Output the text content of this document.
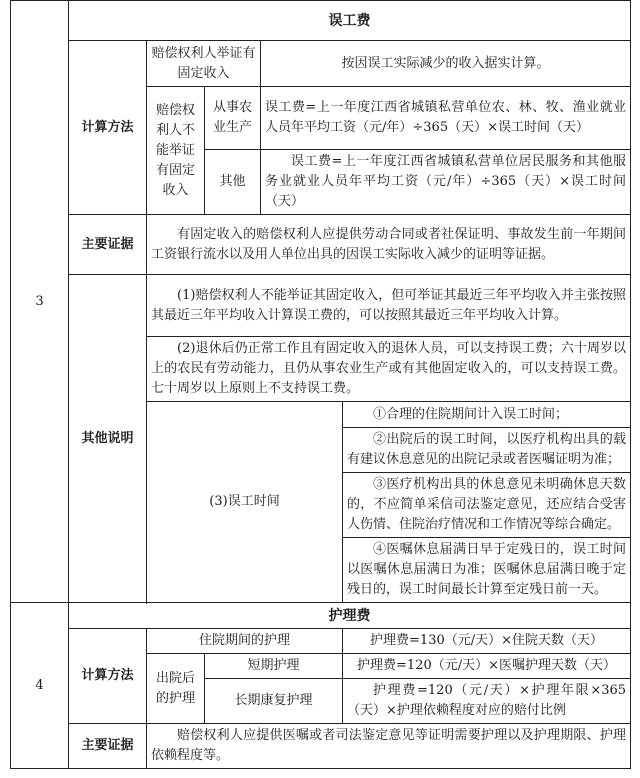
3	误工费				
	计算方法	赔偿权利人举证有固定收入		按因误工实际减少的收入据实计算。	
		赔偿权利人不能举证有固定收入	从事农业生产	误工费=上一年度江西省城镇私营单位农、林、牧、渔业就业人员年平均工资（元/年）÷365（天）×误工时间（天）	
			其他	误工费=上一年度江西省城镇私营单位居民服务和其他服务业就业人员年平均工资（元/年）÷365（天）×误工时间（天）	
	主要证据	有固定收入的赔偿权利人应提供劳动合同或者社保证明、事故发生前一年期间工资银行流水以及用人单位出具的因误工实际收入减少的证明等证据。			
	其他说明	(1)赔偿权利人不能举证其固定收入，但可举证其最近三年平均收入并主张按照其最近三年平均收入计算误工费的，可以按照其最近三年平均收入计算。			
		(2)退休后仍正常工作且有固定收入的退休人员，可以支持误工费；六十周岁以上的农民有劳动能力，且仍从事农业生产或有其他固定收入的，可以支持误工费。七十周岁以上原则上不支持误工费。			
		(3)误工时间			①合理的住院期间计入误工时间；
					②出院后的误工时间，以医疗机构出具的载有建议休息意见的出院记录或者医嘱证明为准；
					③医疗机构出具的休息意见未明确休息天数的，不应简单采信司法鉴定意见，还应结合受害人伤情、住院治疗情况和工作情况等综合确定。
					④医嘱休息届满日早于定残日的，误工时间以医嘱休息届满日为准；医嘱休息届满日晚于定残日的，误工时间最长计算至定残日前一天。

4	护理费				
	计算方法	住院期间的护理			护理费=130（元/天）×住院天数（天）
		出院后的护理	短期护理		护理费=120（元/天）×医嘱护理天数（天）
			长期康复护理		护理费=120（元/天）×护理年限×365（天）×护理依赖程度对应的赔付比例
	主要证据	赔偿权利人应提供医嘱或者司法鉴定意见等证明需要护理以及护理期限、护理依赖程度等。			
